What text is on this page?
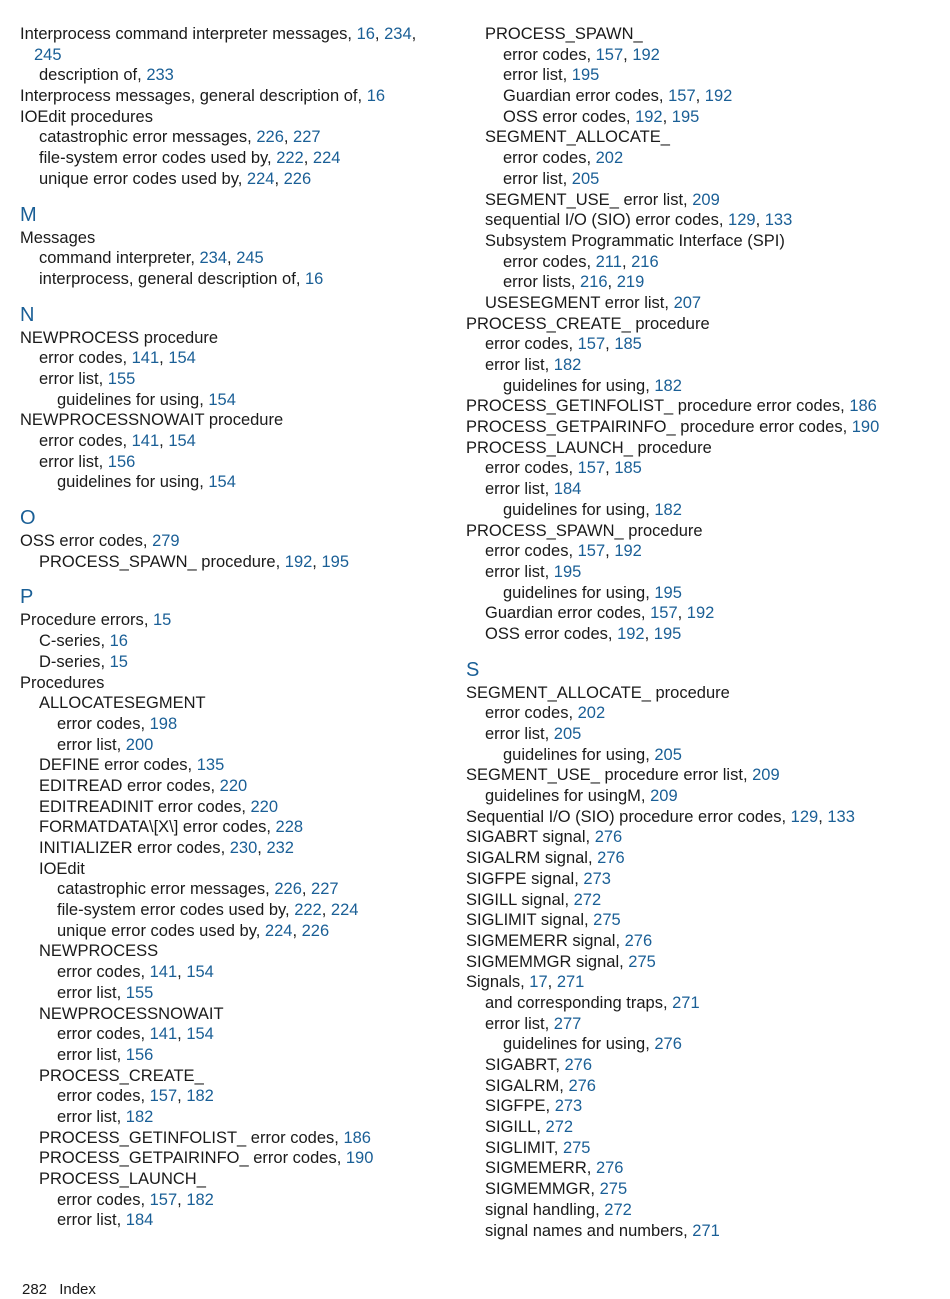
Interprocess command interpreter messages, 16, 234,
245
description of, 233
Interprocess messages, general description of, 16
IOEdit procedures
catastrophic error messages, 226, 227
file-system error codes used by, 222, 224
unique error codes used by, 224, 226
M
Messages
command interpreter, 234, 245
interprocess, general description of, 16
N
NEWPROCESS procedure
error codes, 141, 154
error list, 155
guidelines for using, 154
NEWPROCESSNOWAIT procedure
error codes, 141, 154
error list, 156
guidelines for using, 154
O
OSS error codes, 279
PROCESS_SPAWN_ procedure, 192, 195
P
Procedure errors, 15
C-series, 16
D-series, 15
Procedures
ALLOCATESEGMENT
error codes, 198
error list, 200
DEFINE error codes, 135
EDITREAD error codes, 220
EDITREADINIT error codes, 220
FORMATDATA\[X\] error codes, 228
INITIALIZER error codes, 230, 232
IOEdit
catastrophic error messages, 226, 227
file-system error codes used by, 222, 224
unique error codes used by, 224, 226
NEWPROCESS
error codes, 141, 154
error list, 155
NEWPROCESSNOWAIT
error codes, 141, 154
error list, 156
PROCESS_CREATE_
error codes, 157, 182
error list, 182
PROCESS_GETINFOLIST_ error codes, 186
PROCESS_GETPAIRINFO_ error codes, 190
PROCESS_LAUNCH_
error codes, 157, 182
error list, 184
PROCESS_SPAWN_
error codes, 157, 192
error list, 195
Guardian error codes, 157, 192
OSS error codes, 192, 195
SEGMENT_ALLOCATE_
error codes, 202
error list, 205
SEGMENT_USE_ error list, 209
sequential I/O (SIO) error codes, 129, 133
Subsystem Programmatic Interface (SPI)
error codes, 211, 216
error lists, 216, 219
USESEGMENT error list, 207
PROCESS_CREATE_ procedure
error codes, 157, 185
error list, 182
guidelines for using, 182
PROCESS_GETINFOLIST_ procedure error codes, 186
PROCESS_GETPAIRINFO_ procedure error codes, 190
PROCESS_LAUNCH_ procedure
error codes, 157, 185
error list, 184
guidelines for using, 182
PROCESS_SPAWN_ procedure
error codes, 157, 192
error list, 195
guidelines for using, 195
Guardian error codes, 157, 192
OSS error codes, 192, 195
S
SEGMENT_ALLOCATE_ procedure
error codes, 202
error list, 205
guidelines for using, 205
SEGMENT_USE_ procedure error list, 209
guidelines for usingM, 209
Sequential I/O (SIO) procedure error codes, 129, 133
SIGABRT signal, 276
SIGALRM signal, 276
SIGFPE signal, 273
SIGILL signal, 272
SIGLIMIT signal, 275
SIGMEMERR signal, 276
SIGMEMMGR signal, 275
Signals, 17, 271
and corresponding traps, 271
error list, 277
guidelines for using, 276
SIGABRT, 276
SIGALRM, 276
SIGFPE, 273
SIGILL, 272
SIGLIMIT, 275
SIGMEMERR, 276
SIGMEMMGR, 275
signal handling, 272
signal names and numbers, 271
282 Index
